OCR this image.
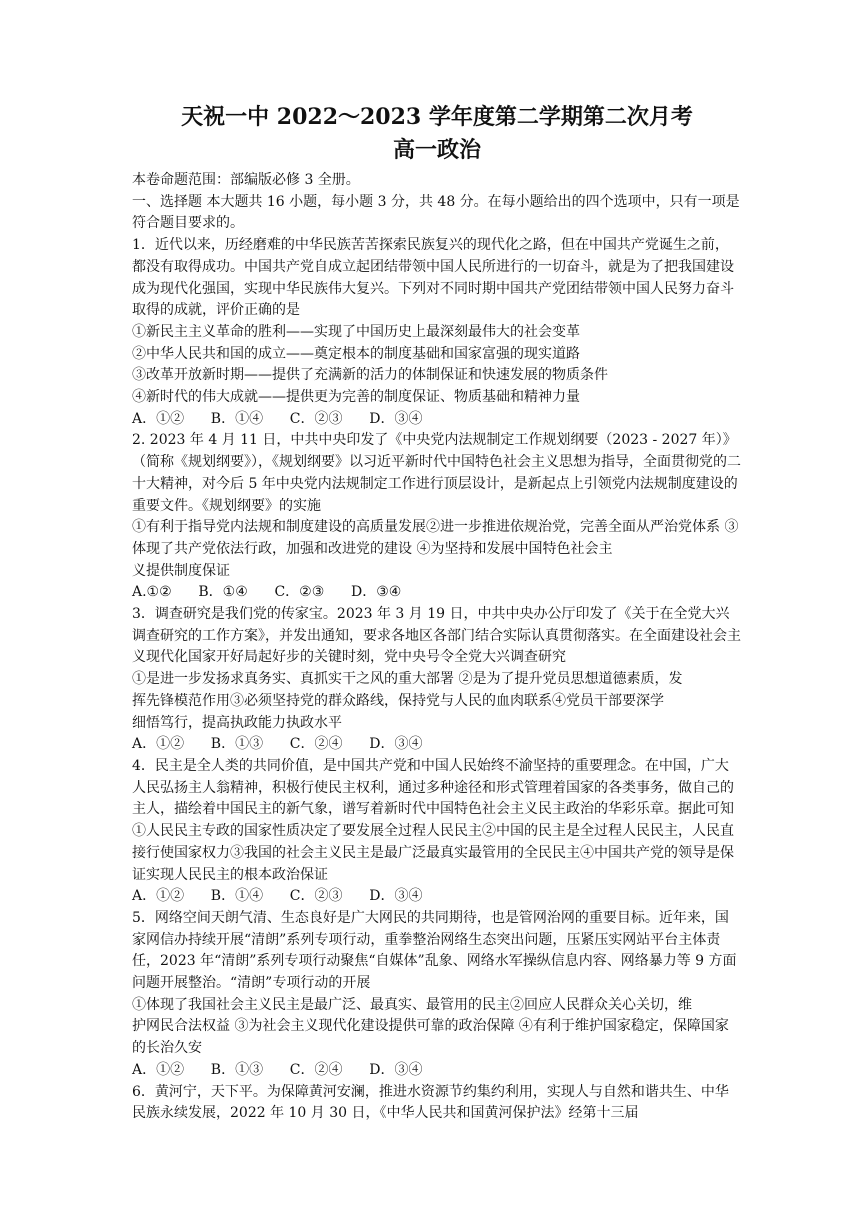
天祝一中 2022～2023 学年度第二学期第二次月考
高一政治

本卷命题范围：部编版必修 3 全册。

一、选择题 本大题共 16 小题，每小题 3 分，共 48 分。在每小题给出的四个选项中，只有一项是符合题目要求的。

1．近代以来，历经磨难的中华民族苦苦探索民族复兴的现代化之路，但在中国共产党诞生之前，都没有取得成功。中国共产党自成立起团结带领中国人民所进行的一切奋斗，就是为了把我国建设成为现代化强国，实现中华民族伟大复兴。下列对不同时期中国共产党团结带领中国人民努力奋斗取得的成就，评价正确的是

①新民主主义革命的胜利——实现了中国历史上最深刻最伟大的社会变革

②中华人民共和国的成立——奠定根本的制度基础和国家富强的现实道路

③改革开放新时期——提供了充满新的活力的体制保证和快速发展的物质条件

④新时代的伟大成就——提供更为完善的制度保证、物质基础和精神力量

A．①②      B．①④      C．②③      D．③④

2. 2023 年 4 月 11 日，中共中央印发了《中央党内法规制定工作规划纲要（2023 - 2027 年）》（简称《规划纲要》），《规划纲要》以习近平新时代中国特色社会主义思想为指导，全面贯彻党的二十大精神，对今后 5 年中央党内法规制定工作进行顶层设计，是新起点上引领党内法规制度建设的重要文件。《规划纲要》的实施

①有利于指导党内法规和制度建设的高质量发展②进一步推进依规治党，完善全面从严治党体系 ③体现了共产党依法行政，加强和改进党的建设 ④为坚持和发展中国特色社会主

义提供制度保证

A.①②      B．①④      C．②③      D．③④

3．调查研究是我们党的传家宝。2023 年 3 月 19 日，中共中央办公厅印发了《关于在全党大兴调查研究的工作方案》，并发出通知，要求各地区各部门结合实际认真贯彻落实。在全面建设社会主义现代化国家开好局起好步的关键时刻，党中央号令全党大兴调查研究

①是进一步发扬求真务实、真抓实干之风的重大部署 ②是为了提升党员思想道德素质，发

挥先锋模范作用③必须坚持党的群众路线，保持党与人民的血肉联系④党员干部要深学

细悟笃行，提高执政能力执政水平

A．①②      B．①③      C．②④      D．③④

4．民主是全人类的共同价值，是中国共产党和中国人民始终不渝坚持的重要理念。在中国，广大人民弘扬主人翁精神，积极行使民主权利，通过多种途径和形式管理着国家的各类事务，做自己的主人，描绘着中国民主的新气象，谱写着新时代中国特色社会主义民主政治的华彩乐章。据此可知

①人民民主专政的国家性质决定了要发展全过程人民民主②中国的民主是全过程人民民主，人民直接行使国家权力③我国的社会主义民主是最广泛最真实最管用的全民民主④中国共产党的领导是保证实现人民民主的根本政治保证

A．①②      B．①④      C．②③      D．③④

5．网络空间天朗气清、生态良好是广大网民的共同期待，也是管网治网的重要目标。近年来，国家网信办持续开展“清朗”系列专项行动，重拳整治网络生态突出问题，压紧压实网站平台主体责任，2023 年“清朗”系列专项行动聚焦“自媒体”乱象、网络水军操纵信息内容、网络暴力等 9 方面问题开展整治。“清朗”专项行动的开展

①体现了我国社会主义民主是最广泛、最真实、最管用的民主②回应人民群众关心关切，维

护网民合法权益 ③为社会主义现代化建设提供可靠的政治保障 ④有利于维护国家稳定，保障国家的长治久安

A．①②      B．①③      C．②④      D．③④

6．黄河宁，天下平。为保障黄河安澜，推进水资源节约集约利用，实现人与自然和谐共生、中华民族永续发展，2022 年 10 月 30 日，《中华人民共和国黄河保护法》经第十三届
